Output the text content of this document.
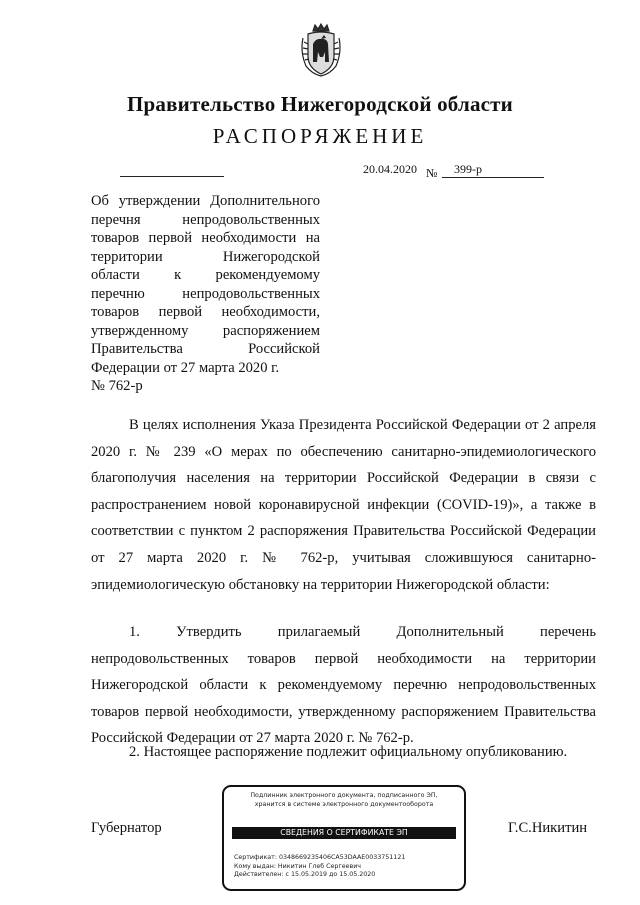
Правительство Нижегородской области
РАСПОРЯЖЕНИЕ
20.04.2020 № 399-р
Об утверждении Дополнительного
перечня непродовольственных
товаров первой необходимости на
территории Нижегородской
области к рекомендуемому
перечню непродовольственных
товаров первой необходимости,
утвержденному распоряжением
Правительства Российской
Федерации от 27 марта 2020 г.
№ 762-р

В целях исполнения Указа Президента Российской Федерации от 2 апреля 2020 г. № 239 «О мерах по обеспечению санитарно-эпидемиологического благополучия населения на территории Российской Федерации в связи с распространением новой коронавирусной инфекции (COVID-19)», а также в соответствии с пунктом 2 распоряжения Правительства Российской Федерации от 27 марта 2020 г. № 762-р, учитывая сложившуюся санитарно-эпидемиологическую обстановку на территории Нижегородской области:

1. Утвердить прилагаемый Дополнительный перечень непродовольственных товаров первой необходимости на территории Нижегородской области к рекомендуемому перечню непродовольственных товаров первой необходимости, утвержденному распоряжением Правительства Российской Федерации от 27 марта 2020 г. № 762-р.

2. Настоящее распоряжение подлежит официальному опубликованию.

Губернатор	Г.С.Никитин
Подлинник электронного документа, подписанного ЭП,
хранится в системе электронного документооборота
СВЕДЕНИЯ О СЕРТИФИКАТЕ ЭП
Сертификат: 0348669235406CA53DAAE0033751121
Кому выдан: Никитин Глеб Сергеевич
Действителен: с 15.05.2019 до 15.05.2020
